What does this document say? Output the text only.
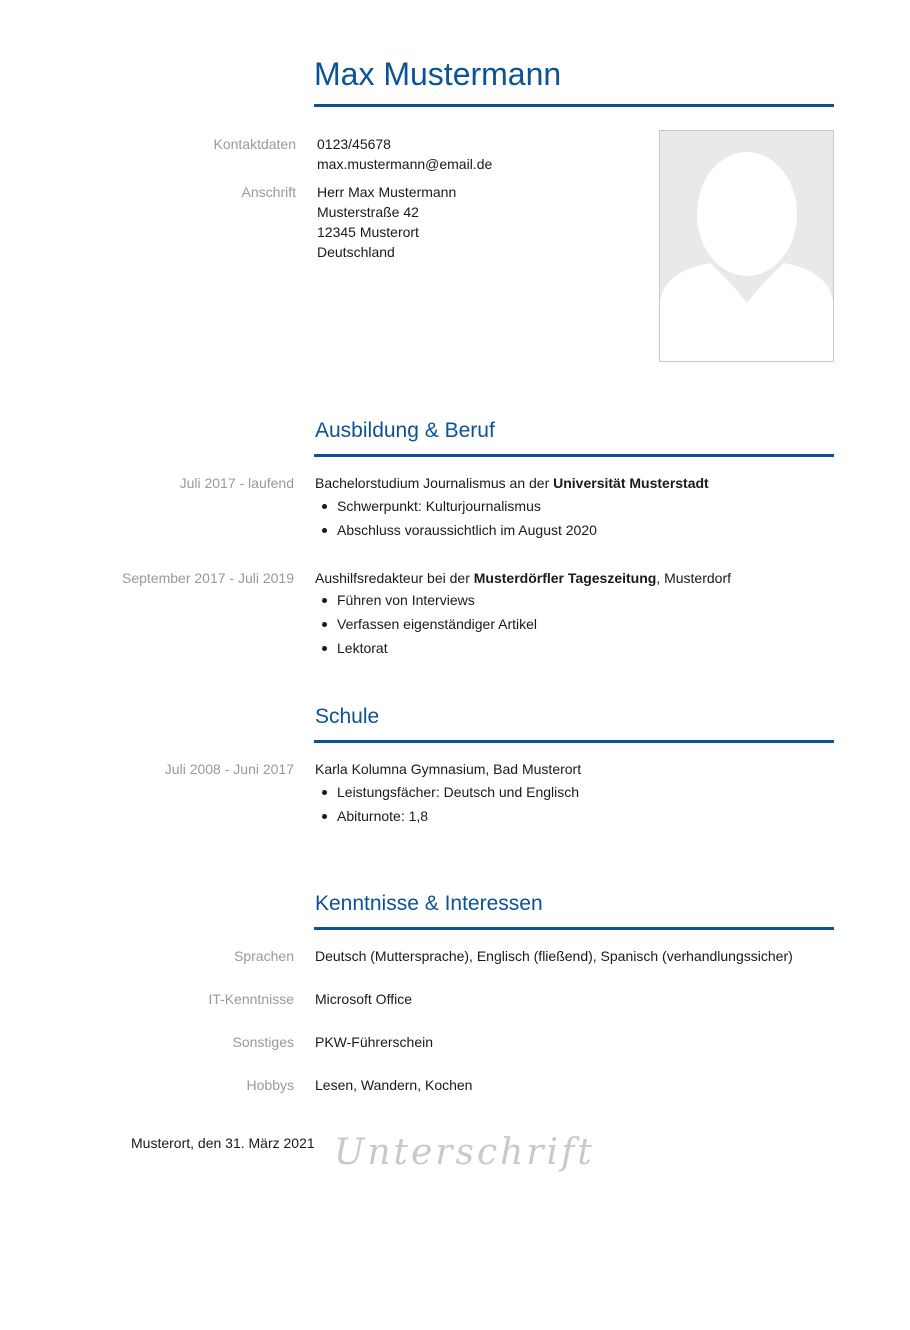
Max Mustermann
Kontaktdaten 0123/45678
max.mustermann@email.de
Anschrift Herr Max Mustermann
Musterstraße 42
12345 Musterort
Deutschland
Ausbildung & Beruf
Juli 2017 - laufend Bachelorstudium Journalismus an der Universität Musterstadt
Schwerpunkt: Kulturjournalismus
Abschluss voraussichtlich im August 2020
September 2017 - Juli 2019 Aushilfsredakteur bei der Musterdörfler Tageszeitung, Musterdorf
Führen von Interviews
Verfassen eigenständiger Artikel
Lektorat
Schule
Juli 2008 - Juni 2017 Karla Kolumna Gymnasium, Bad Musterort
Leistungsfächer: Deutsch und Englisch
Abiturnote: 1,8
Kenntnisse & Interessen
Sprachen Deutsch (Muttersprache), Englisch (fließend), Spanisch (verhandlungssicher)
IT-Kenntnisse Microsoft Office
Sonstiges PKW-Führerschein
Hobbys Lesen, Wandern, Kochen
Musterort, den 31. März 2021 Unterschrift
